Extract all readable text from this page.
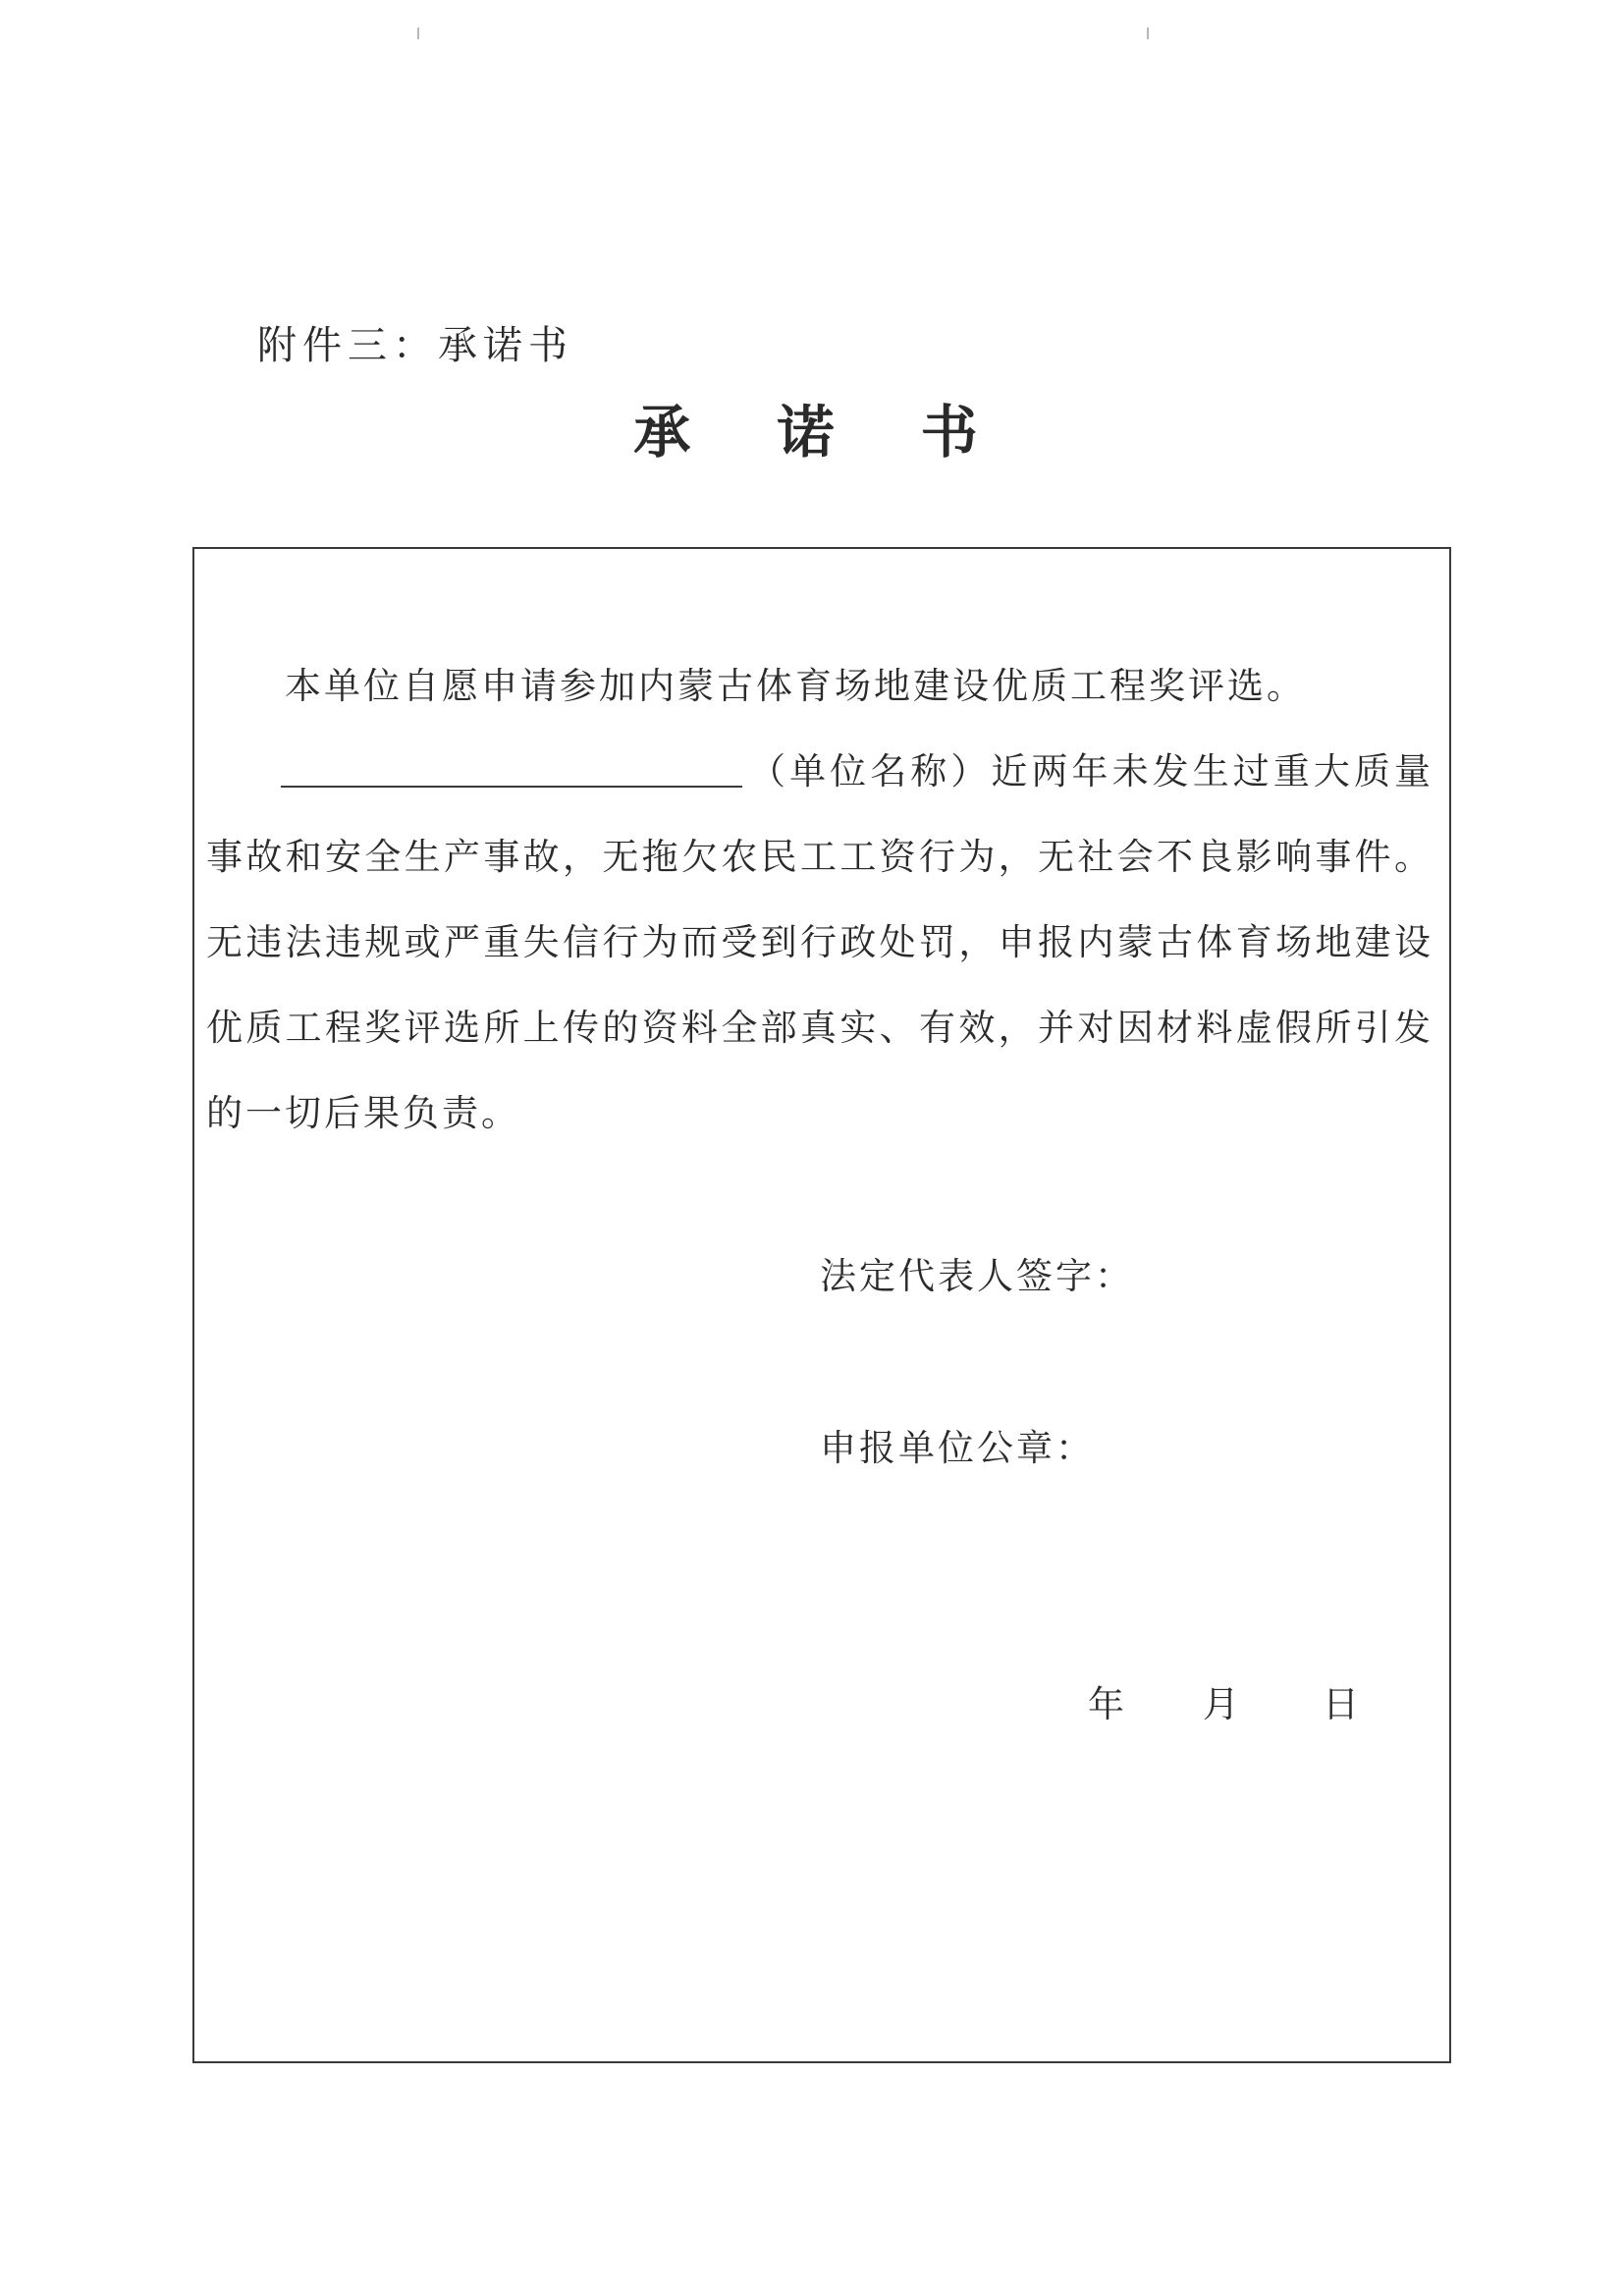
附件三：承诺书
承 诺 书

本单位自愿申请参加内蒙古体育场地建设优质工程奖评选。

（单位名称）近两年未发生过重大质量事故和安全生产事故，无拖欠农民工工资行为，无社会不良影响事件。无违法违规或严重失信行为而受到行政处罚，申报内蒙古体育场地建设优质工程奖评选所上传的资料全部真实、有效，并对因材料虚假所引发的一切后果负责。

法定代表人签字：
申报单位公章：
年 月 日
